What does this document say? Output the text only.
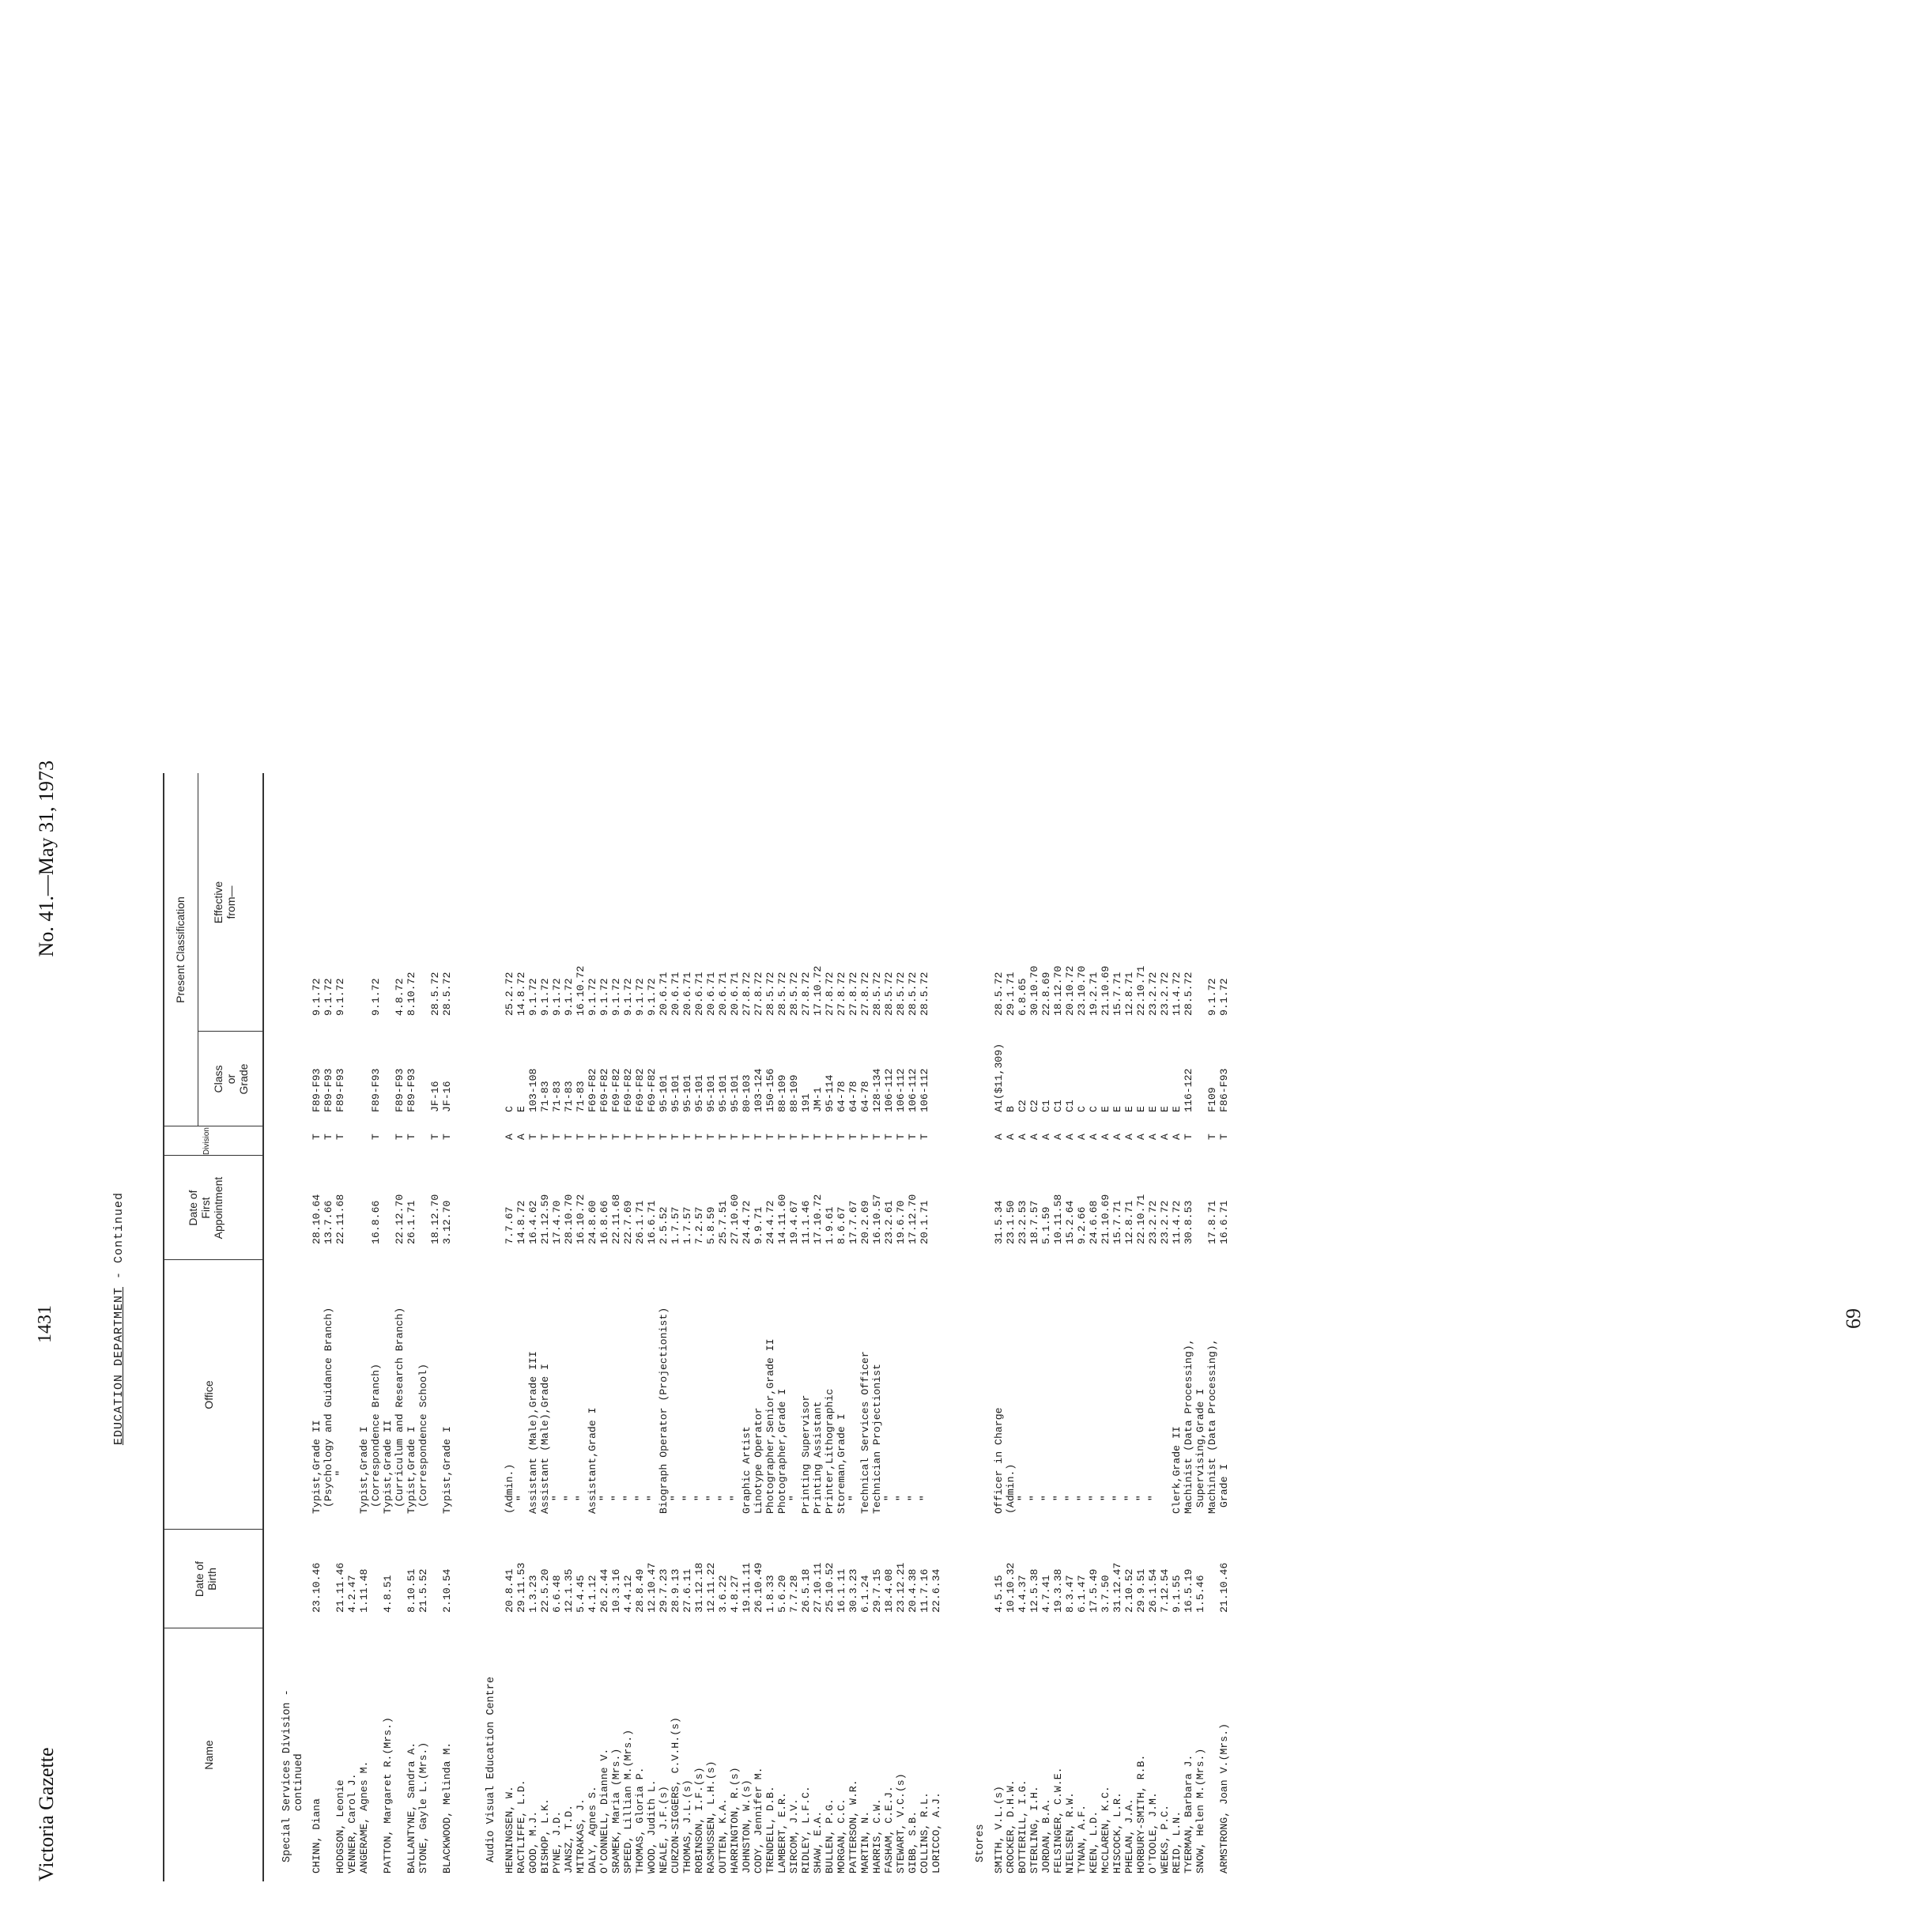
Victoria Gazette
1431
No. 41.—May 31, 1973
EDUCATION DEPARTMENT - Continued
Name
Date of
Birth
Office
Date of
First
Appointment
Division
Present Classification
Class
or
Grade
Effective
from—
Special Services Division -
continued
CHINN, Diana
23.10.46
Typist,Grade II
28.10.64
T
F89-F93
9.1.72
(Psychology and Guidance Branch)
13.7.66
T
F89-F93
9.1.72
HODGSON, Leonie
21.11.46
"
22.11.68
T
F89-F93
9.1.72
VENNER, Carol J.
4.2.47
ANGERAME, Agnes M.
1.11.48
Typist,Grade I (Correspondence Branch)
16.8.66
T
F89-F93
9.1.72
PATTON, Margaret R.(Mrs.)
4.8.51
Typist,Grade II (Curriculum and Research Branch)
22.12.70
T
F89-F93
4.8.72
BALLANTYNE, Sandra A.
8.10.51
Typist,Grade I
26.1.71
T
F89-F93
8.10.72
STONE, Gayle L.(Mrs.)
21.5.52
(Correspondence School)
18.12.70
T
JF-16
28.5.72
BLACKWOOD, Melinda M.
2.10.54
Typist,Grade I
3.12.70
T
JF-16
28.5.72
Audio Visual Education Centre HENNINGSEN, W.
20.8.41
(Admin.)
7.7.67
A
C
25.2.72
RACTLIFFE, L.D.
29.11.53
"
14.8.72
A
E
14.8.72
GOOD, M.J.
1.3.23
Assistant (Male),Grade III
16.4.62
T
103-108
9.1.72
BISHOP, L.K.
22.5.20
Assistant (Male),Grade I
21.12.59
T
71-83
9.1.72
PYNE, J.D.
6.6.48
"
17.4.70
T
71-83
9.1.72
JANSZ, T.D.
12.1.35
"
28.10.70
T
71-83
9.1.72
MITRAKAS, J.
5.4.45
"
16.10.72
T
71-83
16.10.72
DALY, Agnes S.
4.1.12
Assistant,Grade I
24.8.60
T
F69-F82
9.1.72
O'CONNELL, Dianne V.
26.2.44
"
16.8.66
T
F69-F82
9.1.72
SRAMEK, Maria (Mrs.)
10.3.16
"
22.11.68
T
F69-F82
9.1.72
SPEED, Lillian M.(Mrs.)
4.4.12
"
22.7.69
T
F69-F82
9.1.72
THOMAS, Gloria P.
28.8.49
"
26.1.71
T
F69-F82
9.1.72
WOOD, Judith L.
12.10.47
"
16.6.71
T
F69-F82
9.1.72
NEALE, J.F.(s)
29.7.23
Biograph Operator (Projectionist)
2.5.52
T
95-101
20.6.71
CURZON-SIGGERS, C.V.H.(s)
28.9.13
"
1.7.57
T
95-101
20.6.71
THOMAS, J.L.(s)
27.6.11
"
1.7.57
T
95-101
20.6.71
ROBINSON, I.F.(s)
31.12.18
"
7.2.57
T
95-101
20.6.71
RASMUSSEN, L.H.(s)
12.11.22
"
5.8.59
T
95-101
20.6.71
OUTTEN, K.A.
3.6.22
"
25.7.51
T
95-101
20.6.71
HARRINGTON, R.(s)
4.8.27
"
27.10.60
T
95-101
20.6.71
JOHNSTON, W.(s)
19.11.11
Graphic Artist
24.4.72
T
80-103
27.8.72
CODY, Jennifer M.
26.10.49
Linotype Operator
9.9.71
T
103-124
27.8.72
TRENDELL, D.B.
1.8.33
Photographer,Senior,Grade II
24.4.72
T
150-156
28.5.72
LAMBERT, E.R.
5.6.20
Photographer,Grade I
14.11.60
T
88-109
28.5.72
SIRCOM, J.V.
7.7.28
"
19.4.67
T
88-109
28.5.72
RIDLEY, L.F.C.
26.5.18
Printing Supervisor
11.1.46
T
191
27.8.72
SHAW, E.A.
27.10.11
Printing Assistant
17.10.72
T
JM-1
17.10.72
BULLEN, P.G.
25.10.52
Printer,Lithographic
1.9.61
T
95-114
27.8.72
MORGAN, C.C.
16.1.11
Storeman,Grade I
8.6.67
T
64-78
27.8.72
PATTERSON, W.R.
30.3.23
"
17.7.67
T
64-78
27.8.72
MARTIN, N.
6.1.24
Technical Services Officer
20.2.69
T
64-78
27.8.72
HARRIS, C.W.
29.7.15
Technician Projectionist
16.10.57
T
128-134
28.5.72
FASHAM, C.E.J.
18.4.08
"
23.2.61
T
106-112
28.5.72
STEWART, V.C.(s)
23.12.21
"
19.6.70
T
106-112
28.5.72
GIBB, S.B.
20.4.38
"
17.12.70
T
106-112
28.5.72
COLLINS, R.L.
11.7.16
"
20.1.71
T
106-112
28.5.72
LORICCO, A.J.
22.6.34
Stores SMITH, V.L.(s)
4.5.15
Officer in Charge
31.5.34
A
A1($11,309)
28.5.72
CROCKER, D.H.W.
10.10.32
(Admin.)
23.1.50
A
B
29.1.71
BOTTERILL, I.G.
4.4.37
"
23.2.53
A
C2
6.8.65
STERLING, I.H.
12.5.38
"
18.7.57
A
C2
30.10.70
JORDAN, B.A.
4.7.41
"
5.1.59
A
C1
22.8.69
FELSINGER, C.W.E.
19.3.38
"
10.11.58
A
C1
18.12.70
NIELSEN, R.W.
8.3.47
"
15.2.64
A
C1
20.10.72
TYNAN, A.F.
6.1.47
"
9.2.66
A
C
23.10.70
KEEN, L.D.
17.5.49
"
24.6.68
A
C
19.2.71
McCLAREN, K.C.
3.7.50
"
21.10.69
A
E
21.10.69
HISCOCK, L.R.
31.12.47
"
15.7.71
A
E
15.7.71
PHELAN, J.A.
2.10.52
"
12.8.71
A
E
12.8.71
HORBURY-SMITH, R.B.
29.9.51
"
22.10.71
A
E
22.10.71
O'TOOLE, J.M.
26.1.54
"
23.2.72
A
E
23.2.72
WEEKS, P.C.
7.12.54
23.2.72
A
E
23.2.72
REID, L.N.
9.1.55
Clerk,Grade II
11.4.72
A
E
11.4.72
TYERMAN, Barbara J.
16.5.19
Machinist (Data Processing),
30.8.53
T
116-122
28.5.72
SNOW, Helen M.(Mrs.)
1.5.46
Supervising,Grade I Machinist (Data Processing),
17.8.71
T
F109
9.1.72
ARMSTRONG, Joan V.(Mrs.)
21.10.46
Grade I
16.6.71
T
F86-F93
9.1.72
69
